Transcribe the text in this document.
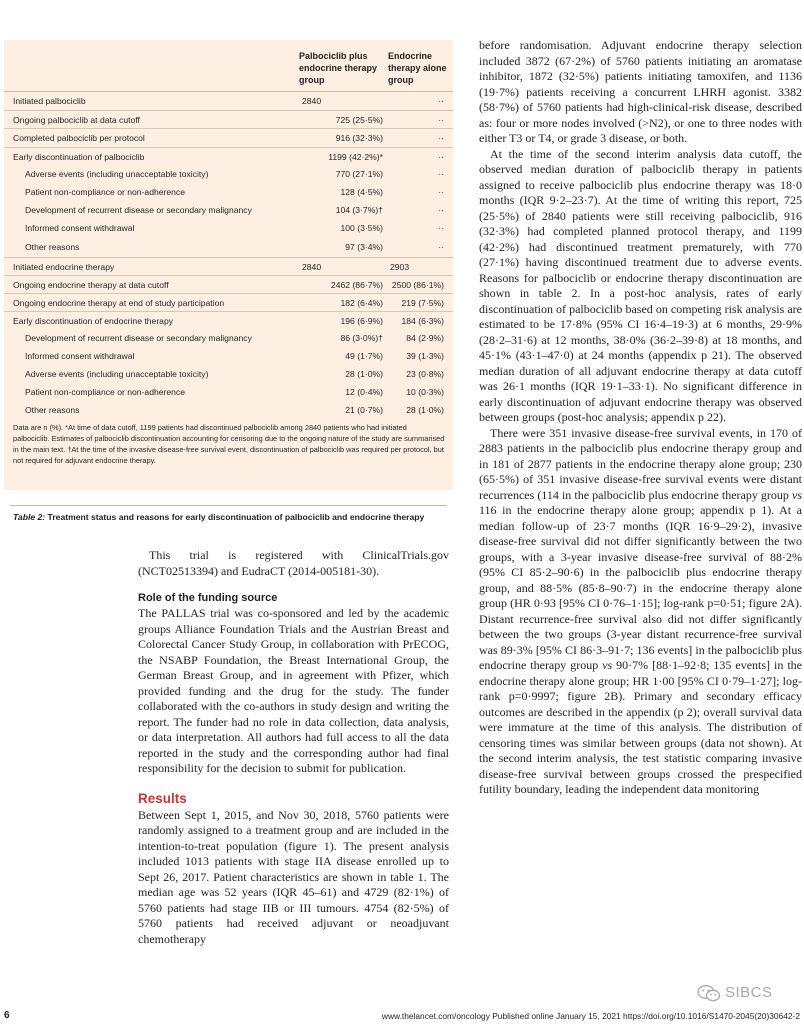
Palbociclib plus endocrine therapy group
Endocrine therapy alone group
Initiated palbociclib	2840	··
Ongoing palbociclib at data cutoff	725 (25·5%)	··
Completed palbociclib per protocol	916 (32·3%)	··
Early discontinuation of palbociclib	1199 (42·2%)*	··
Adverse events (including unacceptable toxicity)	770 (27·1%)	··
Patient non-compliance or non-adherence	128 (4·5%)	··
Development of recurrent disease or secondary malignancy	104 (3·7%)†	··
Informed consent withdrawal	100 (3·5%)	··
Other reasons	97 (3·4%)	··
Initiated endocrine therapy	2840	2903
Ongoing endocrine therapy at data cutoff	2462 (86·7%)	2500 (86·1%)
Ongoing endocrine therapy at end of study participation	182 (6·4%)	219 (7·5%)
Early discontinuation of endocrine therapy	196 (6·9%)	184 (6·3%)
Development of recurrent disease or secondary malignancy	86 (3·0%)†	84 (2·9%)
Informed consent withdrawal	49 (1·7%)	39 (1·3%)
Adverse events (including unacceptable toxicity)	28 (1·0%)	23 (0·8%)
Patient non-compliance or non-adherence	12 (0·4%)	10 (0·3%)
Other reasons	21 (0·7%)	28 (1·0%)
Data are n (%). *At time of data cutoff, 1199 patients had discontinued palbociclib among 2840 patients who had initiated palbociclib. Estimates of palbociclib discontinuation accounting for censoring due to the ongoing nature of the study are summarised in the main text. †At the time of the invasive disease-free survival event, discontinuation of palbociclib was required per protocol, but not required for adjuvant endocrine therapy.
Table 2: Treatment status and reasons for early discontinuation of palbociclib and endocrine therapy

This trial is registered with ClinicalTrials.gov (NCT02513394) and EudraCT (2014-005181-30).

Role of the funding source

The PALLAS trial was co-sponsored and led by the academic groups Alliance Foundation Trials and the Austrian Breast and Colorectal Cancer Study Group, in collaboration with PrECOG, the NSABP Foundation, the Breast International Group, the German Breast Group, and in agreement with Pfizer, which provided funding and the drug for the study. The funder collaborated with the co-authors in study design and writing the report. The funder had no role in data collection, data analysis, or data interpretation. All authors had full access to all the data reported in the study and the corresponding author had final responsibility for the decision to submit for publication.

Results

Between Sept 1, 2015, and Nov 30, 2018, 5760 patients were randomly assigned to a treatment group and are included in the intention-to-treat population (figure 1). The present analysis included 1013 patients with stage IIA disease enrolled up to Sept 26, 2017. Patient characteristics are shown in table 1. The median age was 52 years (IQR 45–61) and 4729 (82·1%) of 5760 patients had stage IIB or III tumours. 4754 (82·5%) of 5760 patients had received adjuvant or neoadjuvant chemotherapy

before randomisation. Adjuvant endocrine therapy selection included 3872 (67·2%) of 5760 patients initiating an aromatase inhibitor, 1872 (32·5%) patients initiating tamoxifen, and 1136 (19·7%) patients receiving a concurrent LHRH agonist. 3382 (58·7%) of 5760 patients had high-clinical-risk disease, described as: four or more nodes involved (>N2), or one to three nodes with either T3 or T4, or grade 3 disease, or both.

At the time of the second interim analysis data cutoff, the observed median duration of palbociclib therapy in patients assigned to receive palbociclib plus endocrine therapy was 18·0 months (IQR 9·2–23·7). At the time of writing this report, 725 (25·5%) of 2840 patients were still receiving palbociclib, 916 (32·3%) had completed planned protocol therapy, and 1199 (42·2%) had discontinued treatment prematurely, with 770 (27·1%) having discontinued treatment due to adverse events. Reasons for palbociclib or endocrine therapy discontinuation are shown in table 2. In a post-hoc analysis, rates of early discontinuation of palbociclib based on competing risk analysis are estimated to be 17·8% (95% CI 16·4–19·3) at 6 months, 29·9% (28·2–31·6) at 12 months, 38·0% (36·2–39·8) at 18 months, and 45·1% (43·1–47·0) at 24 months (appendix p 21). The observed median duration of all adjuvant endocrine therapy at data cutoff was 26·1 months (IQR 19·1–33·1). No significant difference in early discontinuation of adjuvant endocrine therapy was observed between groups (post-hoc analysis; appendix p 22).

There were 351 invasive disease-free survival events, in 170 of 2883 patients in the palbociclib plus endocrine therapy group and in 181 of 2877 patients in the endocrine therapy alone group; 230 (65·5%) of 351 invasive disease-free survival events were distant recurrences (114 in the palbociclib plus endocrine therapy group vs 116 in the endocrine therapy alone group; appendix p 1). At a median follow-up of 23·7 months (IQR 16·9–29·2), invasive disease-free survival did not differ significantly between the two groups, with a 3-year invasive disease-free survival of 88·2% (95% CI 85·2–90·6) in the palbociclib plus endocrine therapy group, and 88·5% (85·8–90·7) in the endocrine therapy alone group (HR 0·93 [95% CI 0·76–1·15]; log-rank p=0·51; figure 2A). Distant recurrence-free survival also did not differ significantly between the two groups (3-year distant recurrence-free survival was 89·3% [95% CI 86·3–91·7; 136 events] in the palbociclib plus endocrine therapy group vs 90·7% [88·1–92·8; 135 events] in the endocrine therapy alone group; HR 1·00 [95% CI 0·79–1·27]; log-rank p=0·9997; figure 2B). Primary and secondary efficacy outcomes are described in the appendix (p 2); overall survival data were immature at the time of this analysis. The distribution of censoring times was similar between groups (data not shown). At the second interim analysis, the test statistic comparing invasive disease-free survival between groups crossed the prespecified futility boundary, leading the independent data monitoring

SIBCS
6	www.thelancet.com/oncology Published online January 15, 2021 https://doi.org/10.1016/S1470-2045(20)30642-2
